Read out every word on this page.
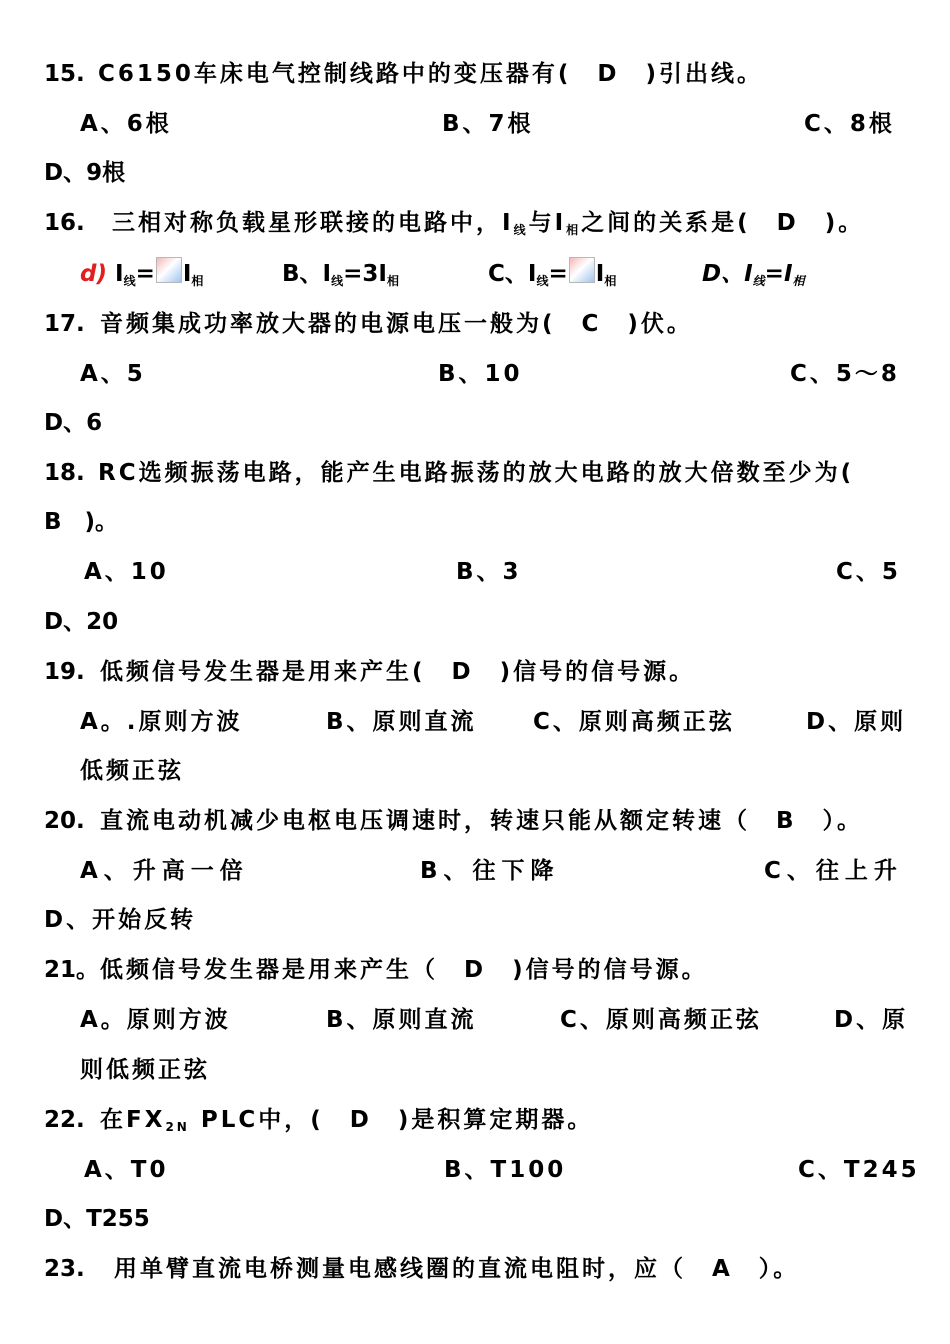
15. C6150车床电气控制线路中的变压器有(　D　)引出线。
A、6根	B、7根	C、8根
D、9根
16. 三相对称负载星形联接的电路中，$I_线$与$I_相$之间的关系是(　D　)。
d) $I_线= I_相$	B、$I_线=3I_相$	C、$I_线= I_相$	D、$I_线=I_相$
17. 音频集成功率放大器的电源电压一般为(　C　)伏。
A、5	B、10	C、5～8
D、6
18. RC选频振荡电路，能产生电路振荡的放大电路的放大倍数至少为(
B　)。
A、10	B、3	C、5
D、20
19. 低频信号发生器是用来产生(　D　)信号的信号源。
A。.原则方波	B、原则直流 C、原则高频正弦	D、原则
低频正弦
20. 直流电动机减少电枢电压调速时，转速只能从额定转速（　B　）。
A、升高一倍	B、往下降	C、往上升
D、开始反转
21。 低频信号发生器是用来产生（　D　)信号的信号源。
A。原则方波	B、原则直流	C、原则高频正弦	D、原
则低频正弦
22. 在$FX_{2N}$ PLC中，(　D　)是积算定期器。
A、T0	B、T100	C、T245
D、T255
23. 用单臂直流电桥测量电感线圈的直流电阻时，应（　A　）。
